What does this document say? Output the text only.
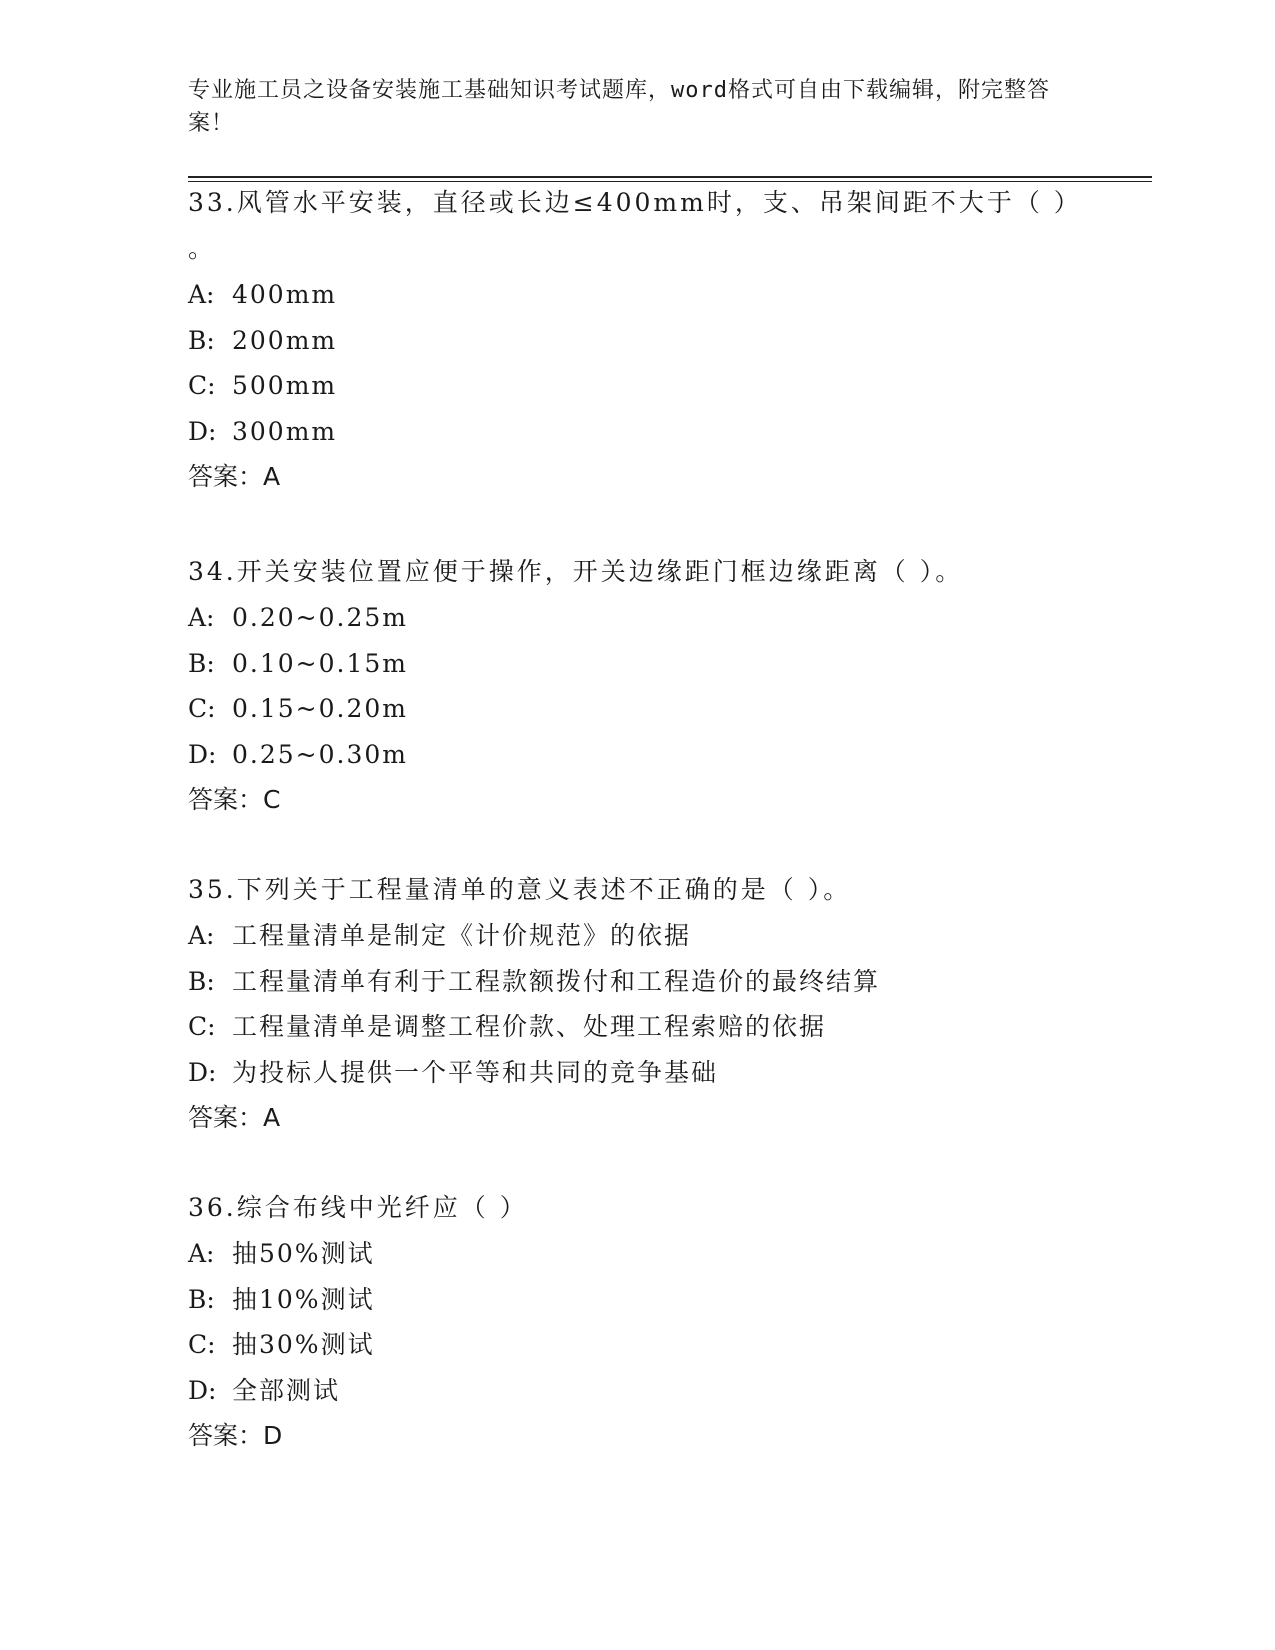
专业施工员之设备安装施工基础知识考试题库，word格式可自由下载编辑，附完整答案！

33.风管水平安装，直径或长边≤400mm时，支、吊架间距不大于（ ）

。

A: 400mm

B: 200mm

C: 500mm

D: 300mm

答案：A

34.开关安装位置应便于操作，开关边缘距门框边缘距离（ ）。

A: 0.20~0.25m

B: 0.10~0.15m

C: 0.15~0.20m

D: 0.25~0.30m

答案：C

35.下列关于工程量清单的意义表述不正确的是（ ）。

A: 工程量清单是制定《计价规范》的依据

B: 工程量清单有利于工程款额拨付和工程造价的最终结算

C: 工程量清单是调整工程价款、处理工程索赔的依据

D: 为投标人提供一个平等和共同的竞争基础

答案：A

36.综合布线中光纤应（ ）

A: 抽50%测试

B: 抽10%测试

C: 抽30%测试

D: 全部测试

答案：D
